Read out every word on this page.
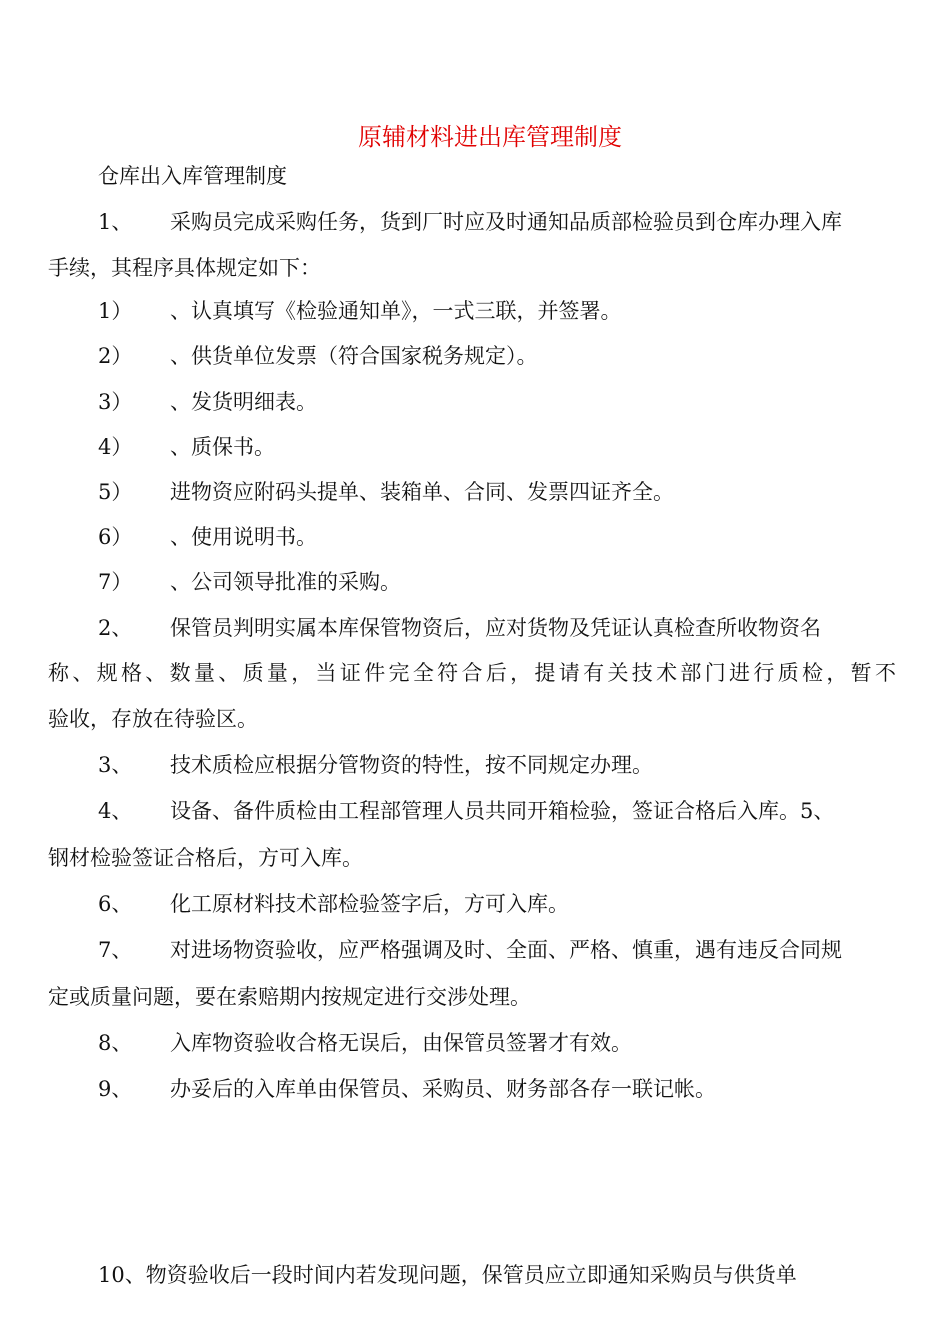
原辅材料进出库管理制度
仓库出入库管理制度
1、 采购员完成采购任务，货到厂时应及时通知品质部检验员到仓库办理入库
手续，其程序具体规定如下：
1） 、认真填写《检验通知单》，一式三联，并签署。
2） 、供货单位发票（符合国家税务规定）。
3） 、发货明细表。
4） 、质保书。
5） 进物资应附码头提单、装箱单、合同、发票四证齐全。
6） 、使用说明书。
7） 、公司领导批准的采购。
2、 保管员判明实属本库保管物资后，应对货物及凭证认真检查所收物资名
称、规格、数量、质量，当证件完全符合后，提请有关技术部门进行质检，暂不
验收，存放在待验区。
3、 技术质检应根据分管物资的特性，按不同规定办理。
4、 设备、备件质检由工程部管理人员共同开箱检验，签证合格后入库。5、
钢材检验签证合格后，方可入库。
6、 化工原材料技术部检验签字后，方可入库。
7、 对进场物资验收，应严格强调及时、全面、严格、慎重，遇有违反合同规
定或质量问题，要在索赔期内按规定进行交涉处理。
8、 入库物资验收合格无误后，由保管员签署才有效。
9、 办妥后的入库单由保管员、采购员、财务部各存一联记帐。
10、物资验收后一段时间内若发现问题，保管员应立即通知采购员与供货单
